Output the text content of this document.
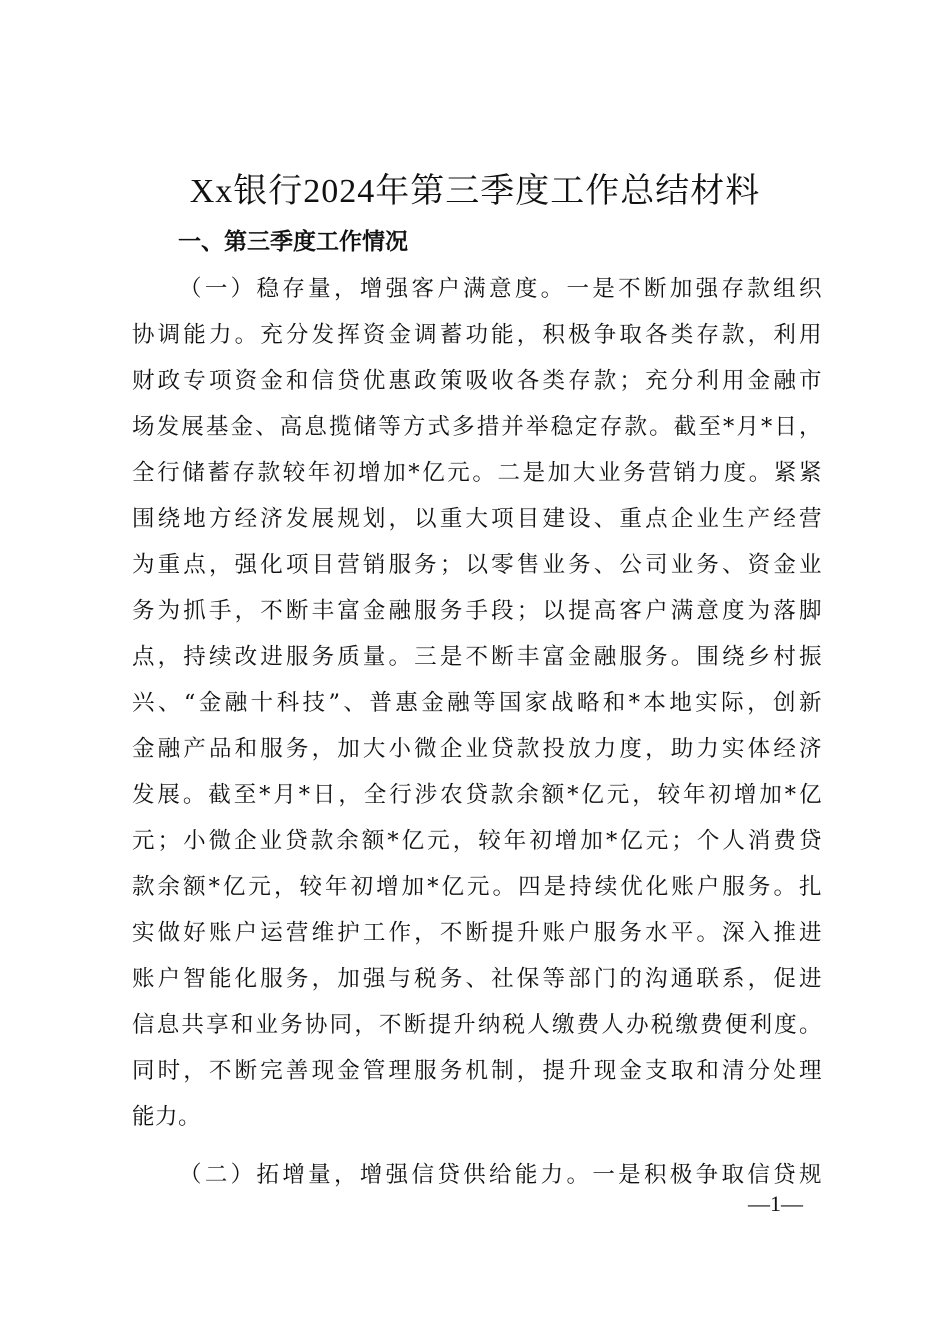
Xx银行2024年第三季度工作总结材料
一、第三季度工作情况
（一）稳存量，增强客户满意度。一是不断加强存款组织
协调能力。充分发挥资金调蓄功能，积极争取各类存款，利用
财政专项资金和信贷优惠政策吸收各类存款；充分利用金融市
场发展基金、高息揽储等方式多措并举稳定存款。截至*月*日，
全行储蓄存款较年初增加*亿元。二是加大业务营销力度。紧紧
围绕地方经济发展规划，以重大项目建设、重点企业生产经营
为重点，强化项目营销服务；以零售业务、公司业务、资金业
务为抓手，不断丰富金融服务手段；以提高客户满意度为落脚
点，持续改进服务质量。三是不断丰富金融服务。围绕乡村振
兴、“金融十科技”、普惠金融等国家战略和*本地实际，创新
金融产品和服务，加大小微企业贷款投放力度，助力实体经济
发展。截至*月*日，全行涉农贷款余额*亿元，较年初增加*亿
元；小微企业贷款余额*亿元，较年初增加*亿元；个人消费贷
款余额*亿元，较年初增加*亿元。四是持续优化账户服务。扎
实做好账户运营维护工作，不断提升账户服务水平。深入推进
账户智能化服务，加强与税务、社保等部门的沟通联系，促进
信息共享和业务协同，不断提升纳税人缴费人办税缴费便利度。
同时，不断完善现金管理服务机制，提升现金支取和清分处理
能力。
（二）拓增量，增强信贷供给能力。一是积极争取信贷规
—1—
